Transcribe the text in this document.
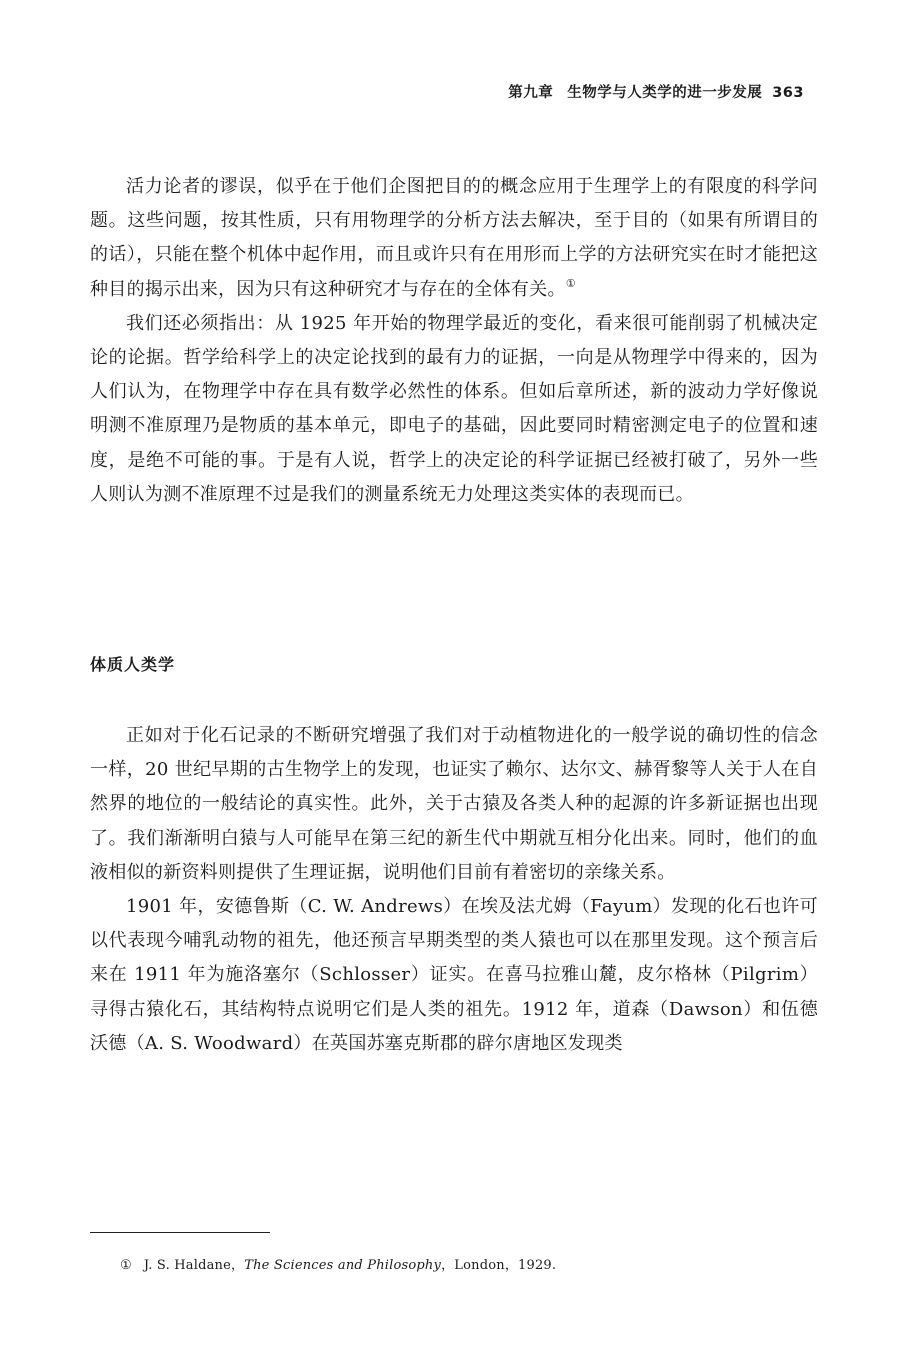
第九章 生物学与人类学的进一步发展 363

活力论者的谬误，似乎在于他们企图把目的的概念应用于生理学上的有限度的科学问题。这些问题，按其性质，只有用物理学的分析方法去解决，至于目的（如果有所谓目的的话），只能在整个机体中起作用，而且或许只有在用形而上学的方法研究实在时才能把这种目的揭示出来，因为只有这种研究才与存在的全体有关。①

我们还必须指出：从 1925 年开始的物理学最近的变化，看来很可能削弱了机械决定论的论据。哲学给科学上的决定论找到的最有力的证据，一向是从物理学中得来的，因为人们认为，在物理学中存在具有数学必然性的体系。但如后章所述，新的波动力学好像说明测不准原理乃是物质的基本单元，即电子的基础，因此要同时精密测定电子的位置和速度，是绝不可能的事。于是有人说，哲学上的决定论的科学证据已经被打破了，另外一些人则认为测不准原理不过是我们的测量系统无力处理这类实体的表现而已。

体质人类学

正如对于化石记录的不断研究增强了我们对于动植物进化的一般学说的确切性的信念一样，20 世纪早期的古生物学上的发现，也证实了赖尔、达尔文、赫胥黎等人关于人在自然界的地位的一般结论的真实性。此外，关于古猿及各类人种的起源的许多新证据也出现了。我们渐渐明白猿与人可能早在第三纪的新生代中期就互相分化出来。同时，他们的血液相似的新资料则提供了生理证据，说明他们目前有着密切的亲缘关系。

1901 年，安德鲁斯（C. W. Andrews）在埃及法尤姆（Fayum）发现的化石也许可以代表现今哺乳动物的祖先，他还预言早期类型的类人猿也可以在那里发现。这个预言后来在 1911 年为施洛塞尔（Schlosser）证实。在喜马拉雅山麓，皮尔格林（Pilgrim）寻得古猿化石，其结构特点说明它们是人类的祖先。1912 年，道森（Dawson）和伍德沃德（A. S. Woodward）在英国苏塞克斯郡的辟尔唐地区发现类

① J. S. Haldane，The Sciences and Philosophy，London，1929.
